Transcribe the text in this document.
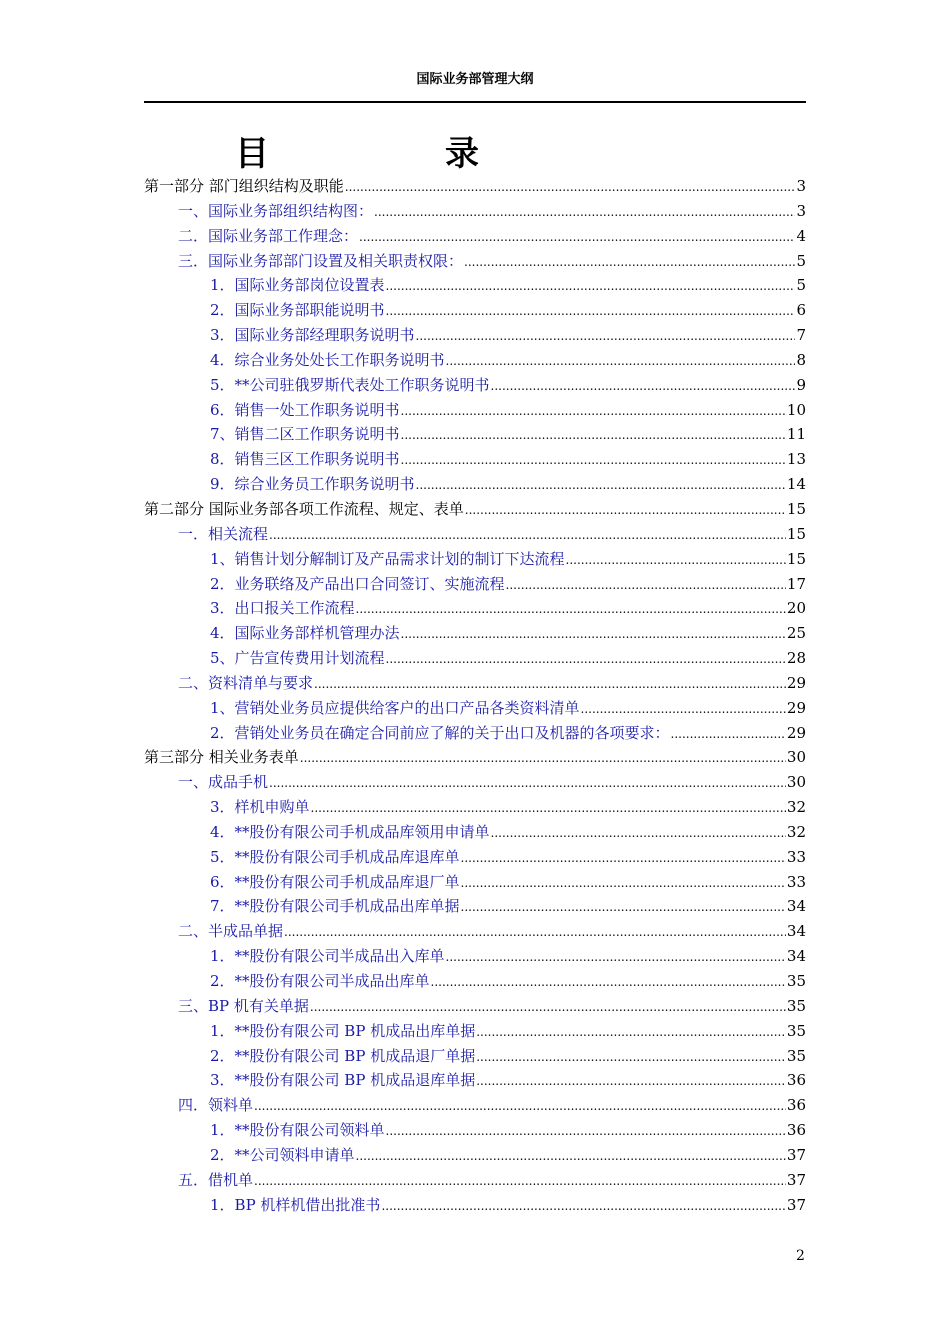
国际业务部管理大纲
目	录
第一部分 部门组织结构及职能 .....	3
一、国际业务部组织结构图： .....	3
二．国际业务部工作理念： .....	4
三．国际业务部部门设置及相关职责权限： .....	5
1．国际业务部岗位设置表 .....	5
2．国际业务部职能说明书 .....	6
3．国际业务部经理职务说明书 .....	7
4．综合业务处处长工作职务说明书 .....	8
5．**公司驻俄罗斯代表处工作职务说明书 .....	9
6．销售一处工作职务说明书 .....	10
7、销售二区工作职务说明书 .....	11
8．销售三区工作职务说明书 .....	13
9．综合业务员工作职务说明书 .....	14
第二部分 国际业务部各项工作流程、规定、表单 .....	15
一．相关流程 .....	15
1、销售计划分解制订及产品需求计划的制订下达流程 .....	15
2．业务联络及产品出口合同签订、实施流程 .....	17
3．出口报关工作流程 .....	20
4．国际业务部样机管理办法 .....	25
5、广告宣传费用计划流程 .....	28
二、资料清单与要求 .....	29
1、营销处业务员应提供给客户的出口产品各类资料清单 .....	29
2．营销处业务员在确定合同前应了解的关于出口及机器的各项要求： .....	29
第三部分 相关业务表单 .....	30
一、成品手机 .....	30
3．样机申购单 .....	32
4．**股份有限公司手机成品库领用申请单 .....	32
5．**股份有限公司手机成品库退库单 .....	33
6．**股份有限公司手机成品库退厂单 .....	33
7．**股份有限公司手机成品出库单据 .....	34
二、半成品单据 .....	34
1．**股份有限公司半成品出入库单 .....	34
2．**股份有限公司半成品出库单 .....	35
三、BP 机有关单据 .....	35
1．**股份有限公司 BP 机成品出库单据 .....	35
2．**股份有限公司 BP 机成品退厂单据 .....	35
3．**股份有限公司 BP 机成品退库单据 .....	36
四．领料单 .....	36
1．**股份有限公司领料单 .....	36
2．**公司领料申请单 .....	37
五．借机单 .....	37
1．BP 机样机借出批准书 .....	37
2
